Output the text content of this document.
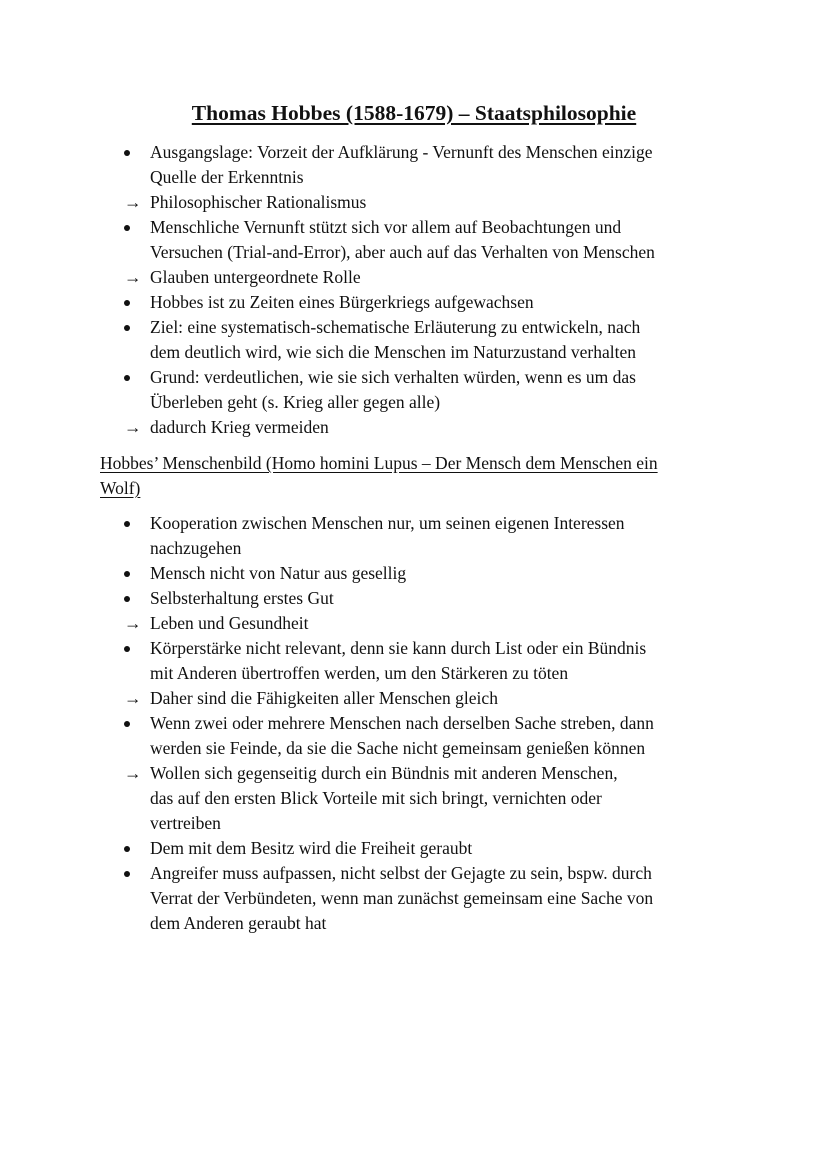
Thomas Hobbes (1588-1679) – Staatsphilosophie
Ausgangslage: Vorzeit der Aufklärung - Vernunft des Menschen einzige
Quelle der Erkenntnis
→ Philosophischer Rationalismus
Menschliche Vernunft stützt sich vor allem auf Beobachtungen und
Versuchen (Trial-and-Error), aber auch auf das Verhalten von Menschen
→ Glauben untergeordnete Rolle
Hobbes ist zu Zeiten eines Bürgerkriegs aufgewachsen
Ziel: eine systematisch-schematische Erläuterung zu entwickeln, nach
dem deutlich wird, wie sich die Menschen im Naturzustand verhalten
Grund: verdeutlichen, wie sie sich verhalten würden, wenn es um das
Überleben geht (s. Krieg aller gegen alle)
→ dadurch Krieg vermeiden
Hobbes’ Menschenbild (Homo homini Lupus – Der Mensch dem Menschen ein
Wolf)
Kooperation zwischen Menschen nur, um seinen eigenen Interessen
nachzugehen
Mensch nicht von Natur aus gesellig
Selbsterhaltung erstes Gut
→ Leben und Gesundheit
Körperstärke nicht relevant, denn sie kann durch List oder ein Bündnis
mit Anderen übertroffen werden, um den Stärkeren zu töten
→ Daher sind die Fähigkeiten aller Menschen gleich
Wenn zwei oder mehrere Menschen nach derselben Sache streben, dann
werden sie Feinde, da sie die Sache nicht gemeinsam genießen können
→ Wollen sich gegenseitig durch ein Bündnis mit anderen Menschen,
das auf den ersten Blick Vorteile mit sich bringt, vernichten oder
vertreiben
Dem mit dem Besitz wird die Freiheit geraubt
Angreifer muss aufpassen, nicht selbst der Gejagte zu sein, bspw. durch
Verrat der Verbündeten, wenn man zunächst gemeinsam eine Sache von
dem Anderen geraubt hat
